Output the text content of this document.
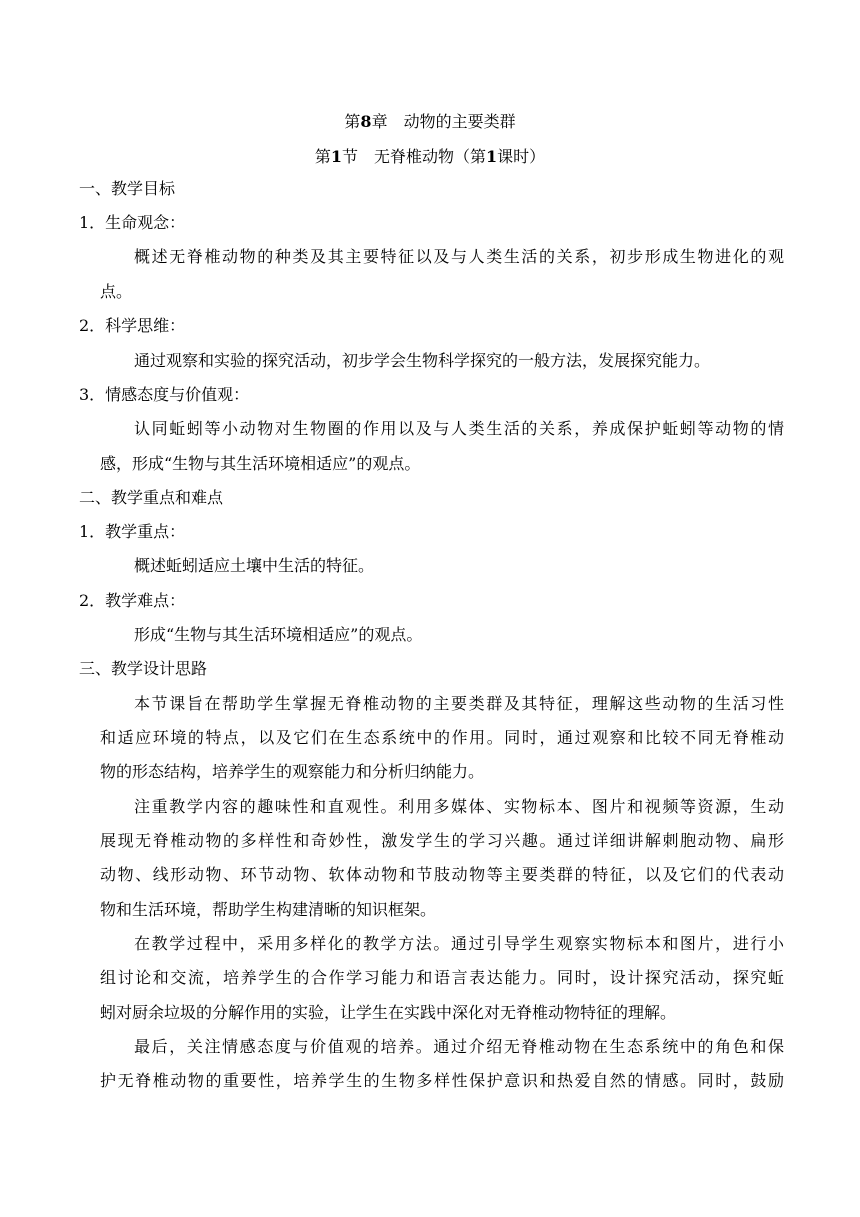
第8章　动物的主要类群
第1节　无脊椎动物（第1课时）
一、教学目标
1．生命观念：
概述无脊椎动物的种类及其主要特征以及与人类生活的关系，初步形成生物进化的观
点。
2．科学思维：
通过观察和实验的探究活动，初步学会生物科学探究的一般方法，发展探究能力。
3．情感态度与价值观：
认同蚯蚓等小动物对生物圈的作用以及与人类生活的关系，养成保护蚯蚓等动物的情
感，形成“生物与其生活环境相适应”的观点。
二、教学重点和难点
1．教学重点：
概述蚯蚓适应土壤中生活的特征。
2．教学难点：
形成“生物与其生活环境相适应”的观点。
三、教学设计思路
本节课旨在帮助学生掌握无脊椎动物的主要类群及其特征，理解这些动物的生活习性
和适应环境的特点，以及它们在生态系统中的作用。同时，通过观察和比较不同无脊椎动
物的形态结构，培养学生的观察能力和分析归纳能力。
注重教学内容的趣味性和直观性。利用多媒体、实物标本、图片和视频等资源，生动
展现无脊椎动物的多样性和奇妙性，激发学生的学习兴趣。通过详细讲解刺胞动物、扁形
动物、线形动物、环节动物、软体动物和节肢动物等主要类群的特征，以及它们的代表动
物和生活环境，帮助学生构建清晰的知识框架。
在教学过程中，采用多样化的教学方法。通过引导学生观察实物标本和图片，进行小
组讨论和交流，培养学生的合作学习能力和语言表达能力。同时，设计探究活动，探究蚯
蚓对厨余垃圾的分解作用的实验，让学生在实践中深化对无脊椎动物特征的理解。
最后，关注情感态度与价值观的培养。通过介绍无脊椎动物在生态系统中的角色和保
护无脊椎动物的重要性，培养学生的生物多样性保护意识和热爱自然的情感。同时，鼓励
